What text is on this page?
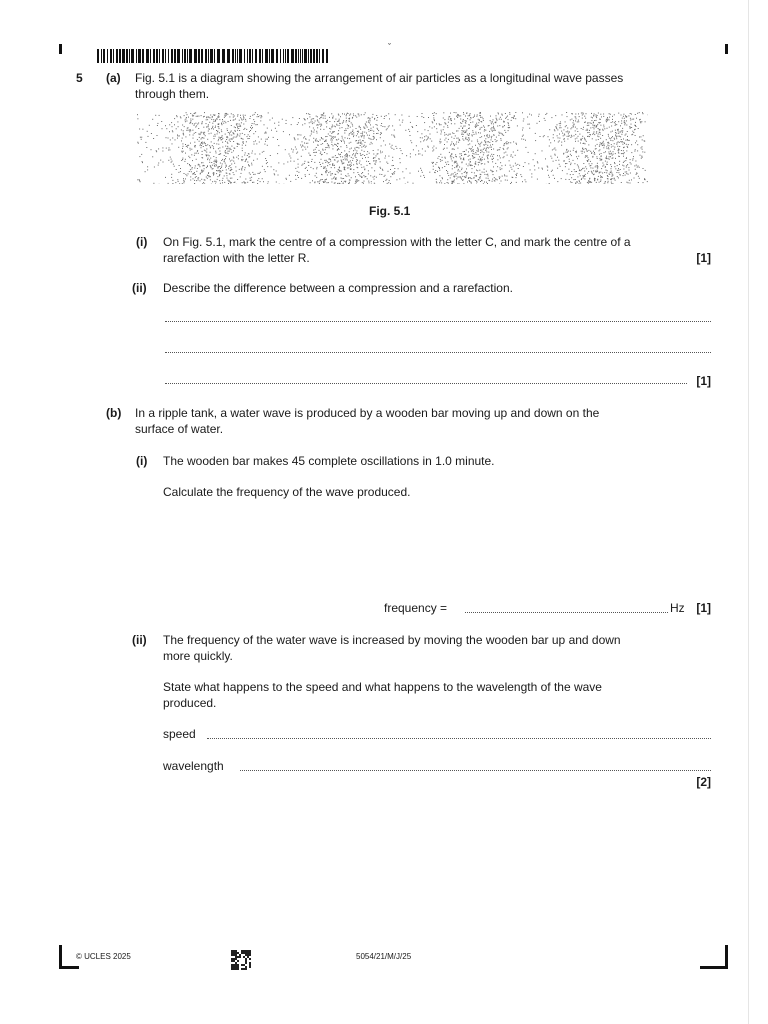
ˇ
5 (a) Fig. 5.1 is a diagram showing the arrangement of air particles as a longitudinal wave passes
through them.
Fig. 5.1
(i) On Fig. 5.1, mark the centre of a compression with the letter C, and mark the centre of a
rarefaction with the letter R.	[1]
(ii) Describe the difference between a compression and a rarefaction.
[1]
(b) In a ripple tank, a water wave is produced by a wooden bar moving up and down on the
surface of water.
(i) The wooden bar makes 45 complete oscillations in 1.0 minute.
Calculate the frequency of the wave produced.
frequency =	Hz [1]
(ii) The frequency of the water wave is increased by moving the wooden bar up and down
more quickly.
State what happens to the speed and what happens to the wavelength of the wave
produced.
speed
wavelength
[2]
© UCLES 2025	5054/21/M/J/25
